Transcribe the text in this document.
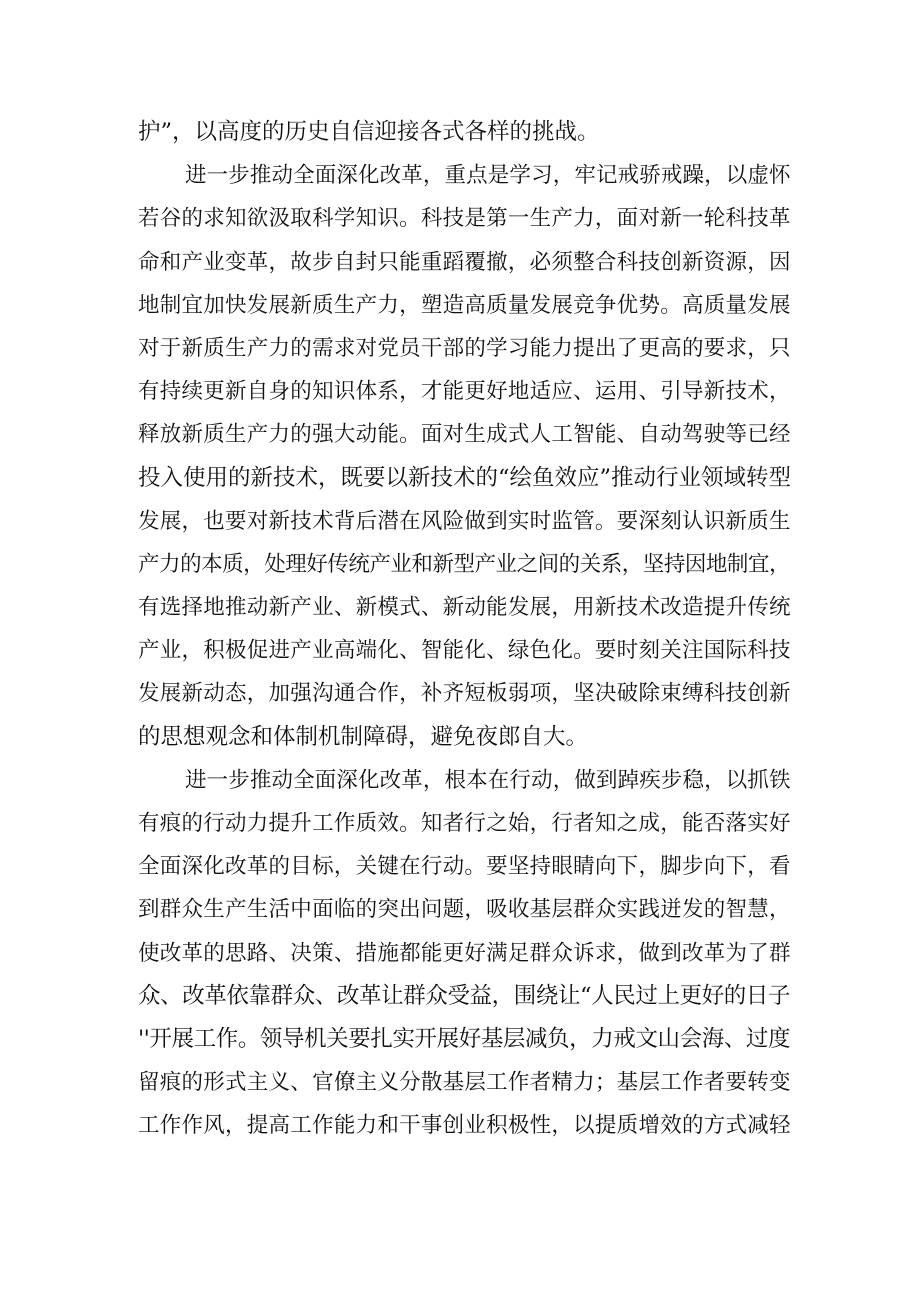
护”，以高度的历史自信迎接各式各样的挑战。
进一步推动全面深化改革，重点是学习，牢记戒骄戒躁，以虚怀
若谷的求知欲汲取科学知识。科技是第一生产力，面对新一轮科技革
命和产业变革，故步自封只能重蹈覆撤，必须整合科技创新资源，因
地制宜加快发展新质生产力，塑造高质量发展竞争优势。高质量发展
对于新质生产力的需求对党员干部的学习能力提出了更高的要求，只
有持续更新自身的知识体系，才能更好地适应、运用、引导新技术，
释放新质生产力的强大动能。面对生成式人工智能、自动驾驶等已经
投入使用的新技术，既要以新技术的“绘鱼效应”推动行业领域转型
发展，也要对新技术背后潜在风险做到实时监管。要深刻认识新质生
产力的本质，处理好传统产业和新型产业之间的关系，坚持因地制宜，
有选择地推动新产业、新模式、新动能发展，用新技术改造提升传统
产业，积极促进产业高端化、智能化、绿色化。要时刻关注国际科技
发展新动态，加强沟通合作，补齐短板弱项，坚决破除束缚科技创新
的思想观念和体制机制障碍，避免夜郎自大。
进一步推动全面深化改革，根本在行动，做到踔疾步稳，以抓铁
有痕的行动力提升工作质效。知者行之始，行者知之成，能否落实好
全面深化改革的目标，关键在行动。要坚持眼睛向下，脚步向下，看
到群众生产生活中面临的突出问题，吸收基层群众实践迸发的智慧，
使改革的思路、决策、措施都能更好满足群众诉求，做到改革为了群
众、改革依靠群众、改革让群众受益，围绕让“人民过上更好的日子
''开展工作。领导机关要扎实开展好基层减负，力戒文山会海、过度
留痕的形式主义、官僚主义分散基层工作者精力；基层工作者要转变
工作作风，提高工作能力和干事创业积极性，以提质增效的方式减轻
